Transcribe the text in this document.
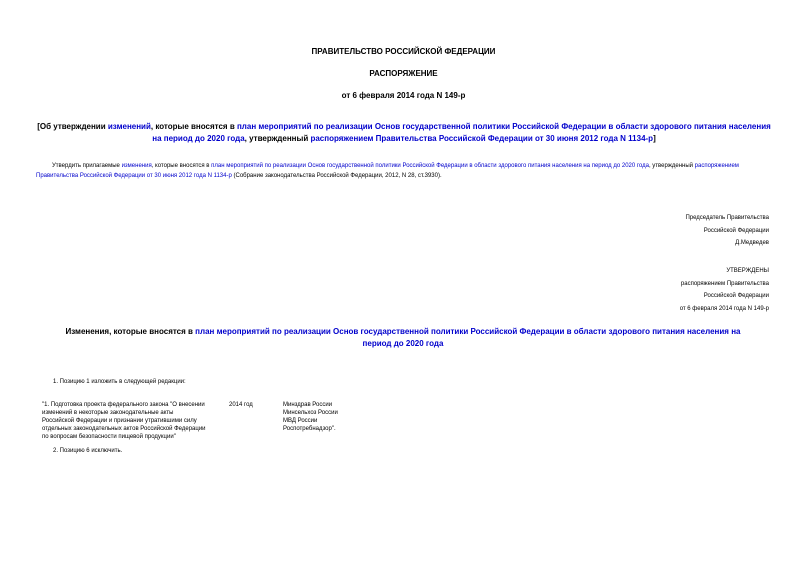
ПРАВИТЕЛЬСТВО РОССИЙСКОЙ ФЕДЕРАЦИИ
РАСПОРЯЖЕНИЕ
от 6 февраля 2014 года N 149-р
[Об утверждении изменений, которые вносятся в план мероприятий по реализации Основ государственной политики Российской Федерации в области здорового питания населения на период до 2020 года, утвержденный распоряжением Правительства Российской Федерации от 30 июня 2012 года N 1134-р]
Утвердить прилагаемые изменения, которые вносятся в план мероприятий по реализации Основ государственной политики Российской Федерации в области здорового питания населения на период до 2020 года, утвержденный распоряжением Правительства Российской Федерации от 30 июня 2012 года N 1134-р (Собрание законодательства Российской Федерации, 2012, N 28, ст.3930).
Председатель Правительства
Российской Федерации
Д.Медведев
УТВЕРЖДЕНЫ
распоряжением Правительства
Российской Федерации
от 6 февраля 2014 года N 149-р
Изменения, которые вносятся в план мероприятий по реализации Основ государственной политики Российской Федерации в области здорового питания населения на период до 2020 года
1. Позицию 1 изложить в следующей редакции:
"1. Подготовка проекта федерального закона "О внесении
изменений в некоторые законодательные акты
Российской Федерации и признании утратившими силу
отдельных законодательных актов Российской Федерации
по вопросам безопасности пищевой продукции"
2014 год	Минздрав России
Минсельхоз России
МВД России
Роспотребнадзор".
2. Позицию 6 исключить.
